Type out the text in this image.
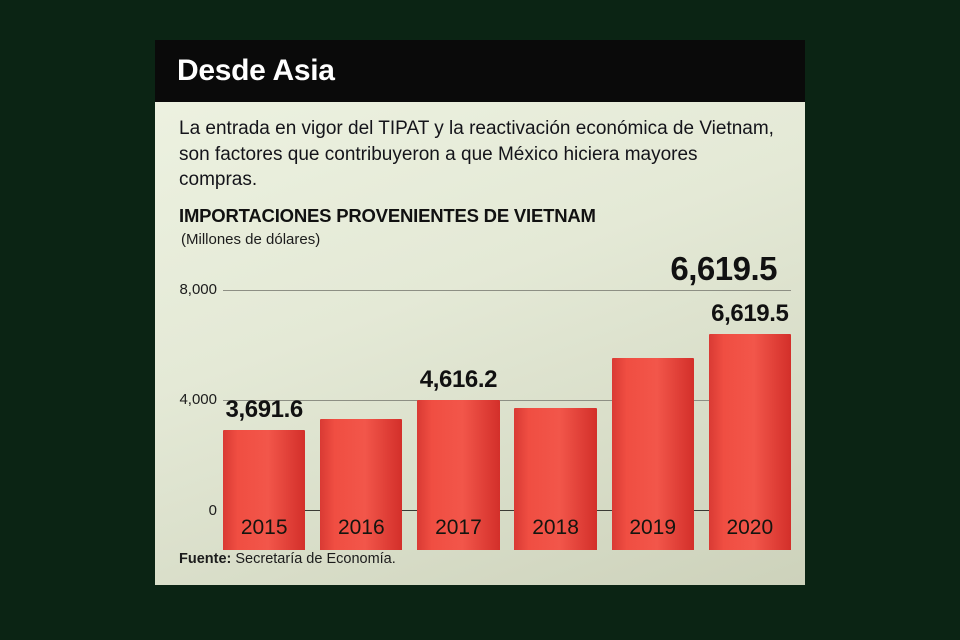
Desde Asia
La entrada en vigor del TIPAT y la reactivación económica de Vietnam, son factores que contribuyeron a que México hiciera mayores compras.
IMPORTACIONES PROVENIENTES DE VIETNAM
(Millones de dólares)
6,619.5
8,000
4,000
0
3,691.6
4,616.2
6,619.5
2015	2016	2017	2018	2019	2020
Fuente: Secretaría de Economía.
